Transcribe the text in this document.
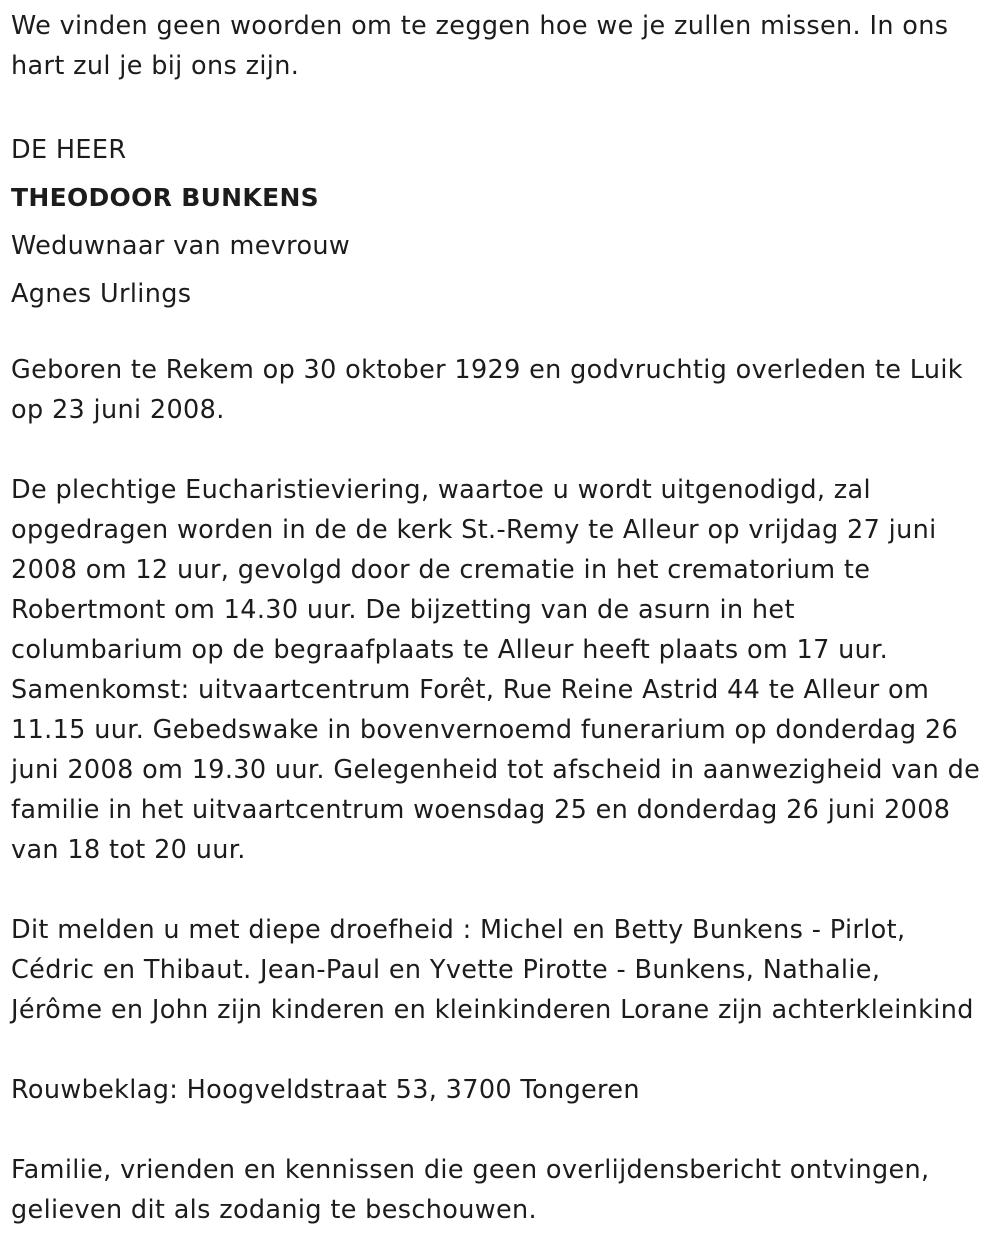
We vinden geen woorden om te zeggen hoe we je zullen missen. In ons
hart zul je bij ons zijn.

DE HEER

THEODOOR BUNKENS

Weduwnaar van mevrouw

Agnes Urlings

Geboren te Rekem op 30 oktober 1929 en godvruchtig overleden te Luik
op 23 juni 2008.

De plechtige Eucharistieviering, waartoe u wordt uitgenodigd, zal
opgedragen worden in de de kerk St.-Remy te Alleur op vrijdag 27 juni
2008 om 12 uur, gevolgd door de crematie in het crematorium te
Robertmont om 14.30 uur. De bijzetting van de asurn in het
columbarium op de begraafplaats te Alleur heeft plaats om 17 uur.
Samenkomst: uitvaartcentrum Forêt, Rue Reine Astrid 44 te Alleur om
11.15 uur. Gebedswake in bovenvernoemd funerarium op donderdag 26
juni 2008 om 19.30 uur. Gelegenheid tot afscheid in aanwezigheid van de
familie in het uitvaartcentrum woensdag 25 en donderdag 26 juni 2008
van 18 tot 20 uur.

Dit melden u met diepe droefheid : Michel en Betty Bunkens - Pirlot,
Cédric en Thibaut. Jean-Paul en Yvette Pirotte - Bunkens, Nathalie,
Jérôme en John zijn kinderen en kleinkinderen Lorane zijn achterkleinkind

Rouwbeklag: Hoogveldstraat 53, 3700 Tongeren

Familie, vrienden en kennissen die geen overlijdensbericht ontvingen,
gelieven dit als zodanig te beschouwen.
